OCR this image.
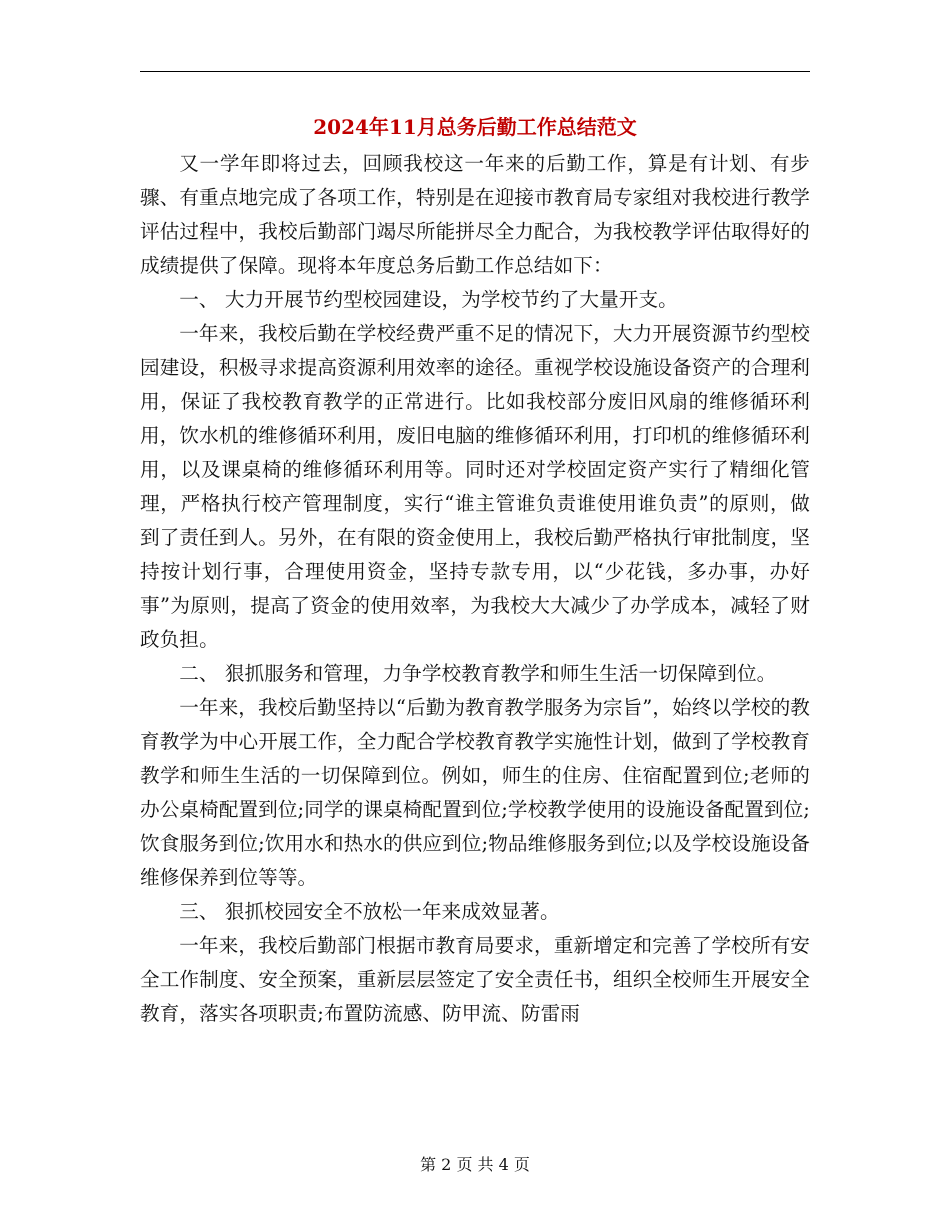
2024年11月总务后勤工作总结范文

又一学年即将过去，回顾我校这一年来的后勤工作，算是有计划、有步骤、有重点地完成了各项工作，特别是在迎接市教育局专家组对我校进行教学评估过程中，我校后勤部门竭尽所能拼尽全力配合，为我校教学评估取得好的成绩提供了保障。现将本年度总务后勤工作总结如下：

一、 大力开展节约型校园建设，为学校节约了大量开支。

一年来，我校后勤在学校经费严重不足的情况下，大力开展资源节约型校园建设，积极寻求提高资源利用效率的途径。重视学校设施设备资产的合理利用，保证了我校教育教学的正常进行。比如我校部分废旧风扇的维修循环利用，饮水机的维修循环利用，废旧电脑的维修循环利用，打印机的维修循环利用，以及课桌椅的维修循环利用等。同时还对学校固定资产实行了精细化管理，严格执行校产管理制度，实行“谁主管谁负责谁使用谁负责”的原则，做到了责任到人。另外，在有限的资金使用上，我校后勤严格执行审批制度，坚持按计划行事，合理使用资金，坚持专款专用，以“少花钱，多办事，办好事”为原则，提高了资金的使用效率，为我校大大减少了办学成本，减轻了财政负担。

二、 狠抓服务和管理，力争学校教育教学和师生生活一切保障到位。

一年来，我校后勤坚持以“后勤为教育教学服务为宗旨”，始终以学校的教育教学为中心开展工作，全力配合学校教育教学实施性计划，做到了学校教育教学和师生生活的一切保障到位。例如，师生的住房、住宿配置到位;老师的办公桌椅配置到位;同学的课桌椅配置到位;学校教学使用的设施设备配置到位;饮食服务到位;饮用水和热水的供应到位;物品维修服务到位;以及学校设施设备维修保养到位等等。

三、 狠抓校园安全不放松一年来成效显著。

一年来，我校后勤部门根据市教育局要求，重新增定和完善了学校所有安全工作制度、安全预案，重新层层签定了安全责任书，组织全校师生开展安全教育，落实各项职责;布置防流感、防甲流、防雷雨

第 2 页 共 4 页
